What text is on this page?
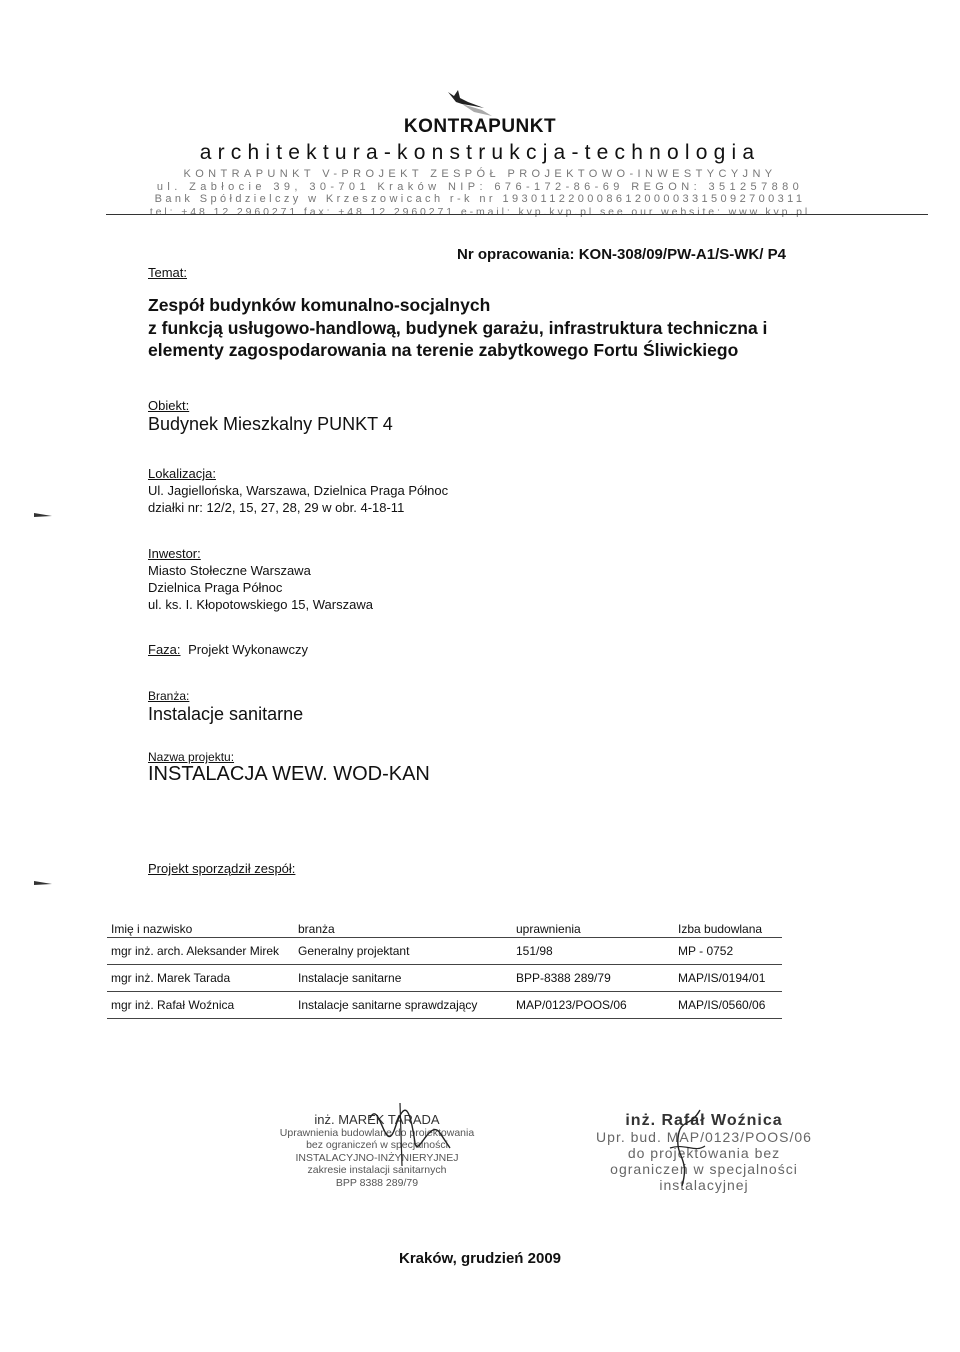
KONTRAPUNKT
architektura-konstrukcja-technologia
KONTRAPUNKT V-PROJEKT ZESPÓŁ PROJEKTOWO-INWESTYCYJNY
ul. Zabłocie 39, 30-701 Kraków NIP: 676-172-86-69 REGON: 351257880
Bank Spółdzielczy w Krzeszowicach r-k nr 19301122000861200003315092700311
tel: +48 12 2960271 fax: +48 12 2960271 e-mail: kvp.kvp.pl see our website: www.kvp.pl
Nr opracowania: KON-308/09/PW-A1/S-WK/ P4
Temat:
Zespół budynków komunalno-socjalnych
z funkcją usługowo-handlową, budynek garażu, infrastruktura techniczna i
elementy zagospodarowania na terenie zabytkowego Fortu Śliwickiego
Obiekt:
Budynek Mieszkalny PUNKT 4
Lokalizacja:
Ul. Jagiellońska, Warszawa, Dzielnica Praga Północ
działki nr: 12/2, 15, 27, 28, 29 w obr. 4-18-11
Inwestor:
Miasto Stołeczne Warszawa
Dzielnica Praga Północ
ul. ks. I. Kłopotowskiego 15, Warszawa
Faza: Projekt Wykonawczy
Branża:
Instalacje sanitarne
Nazwa projektu:
INSTALACJA WEW. WOD-KAN
Projekt sporządził zespół:
Imię i nazwisko	branża	uprawnienia	Izba budowlana
mgr inż. arch. Aleksander Mirek	Generalny projektant	151/98	MP - 0752
mgr inż. Marek Tarada	Instalacje sanitarne	BPP-8388 289/79	MAP/IS/0194/01
mgr inż. Rafał Woźnica	Instalacje sanitarne sprawdzający	MAP/0123/POOS/06	MAP/IS/0560/06
inż. MAREK TARADA
Uprawnienia budowlane do projektowania
bez ograniczeń w specjalności
INSTALACYJNO-INŻYNIERYJNEJ
zakresie instalacji sanitarnych
BPP 8388 289/79
inż. Rafał Woźnica
Upr. bud. MAP/0123/POOS/06
do projektowania bez
ograniczeń w specjalności
instalacyjnej
Kraków, grudzień 2009
